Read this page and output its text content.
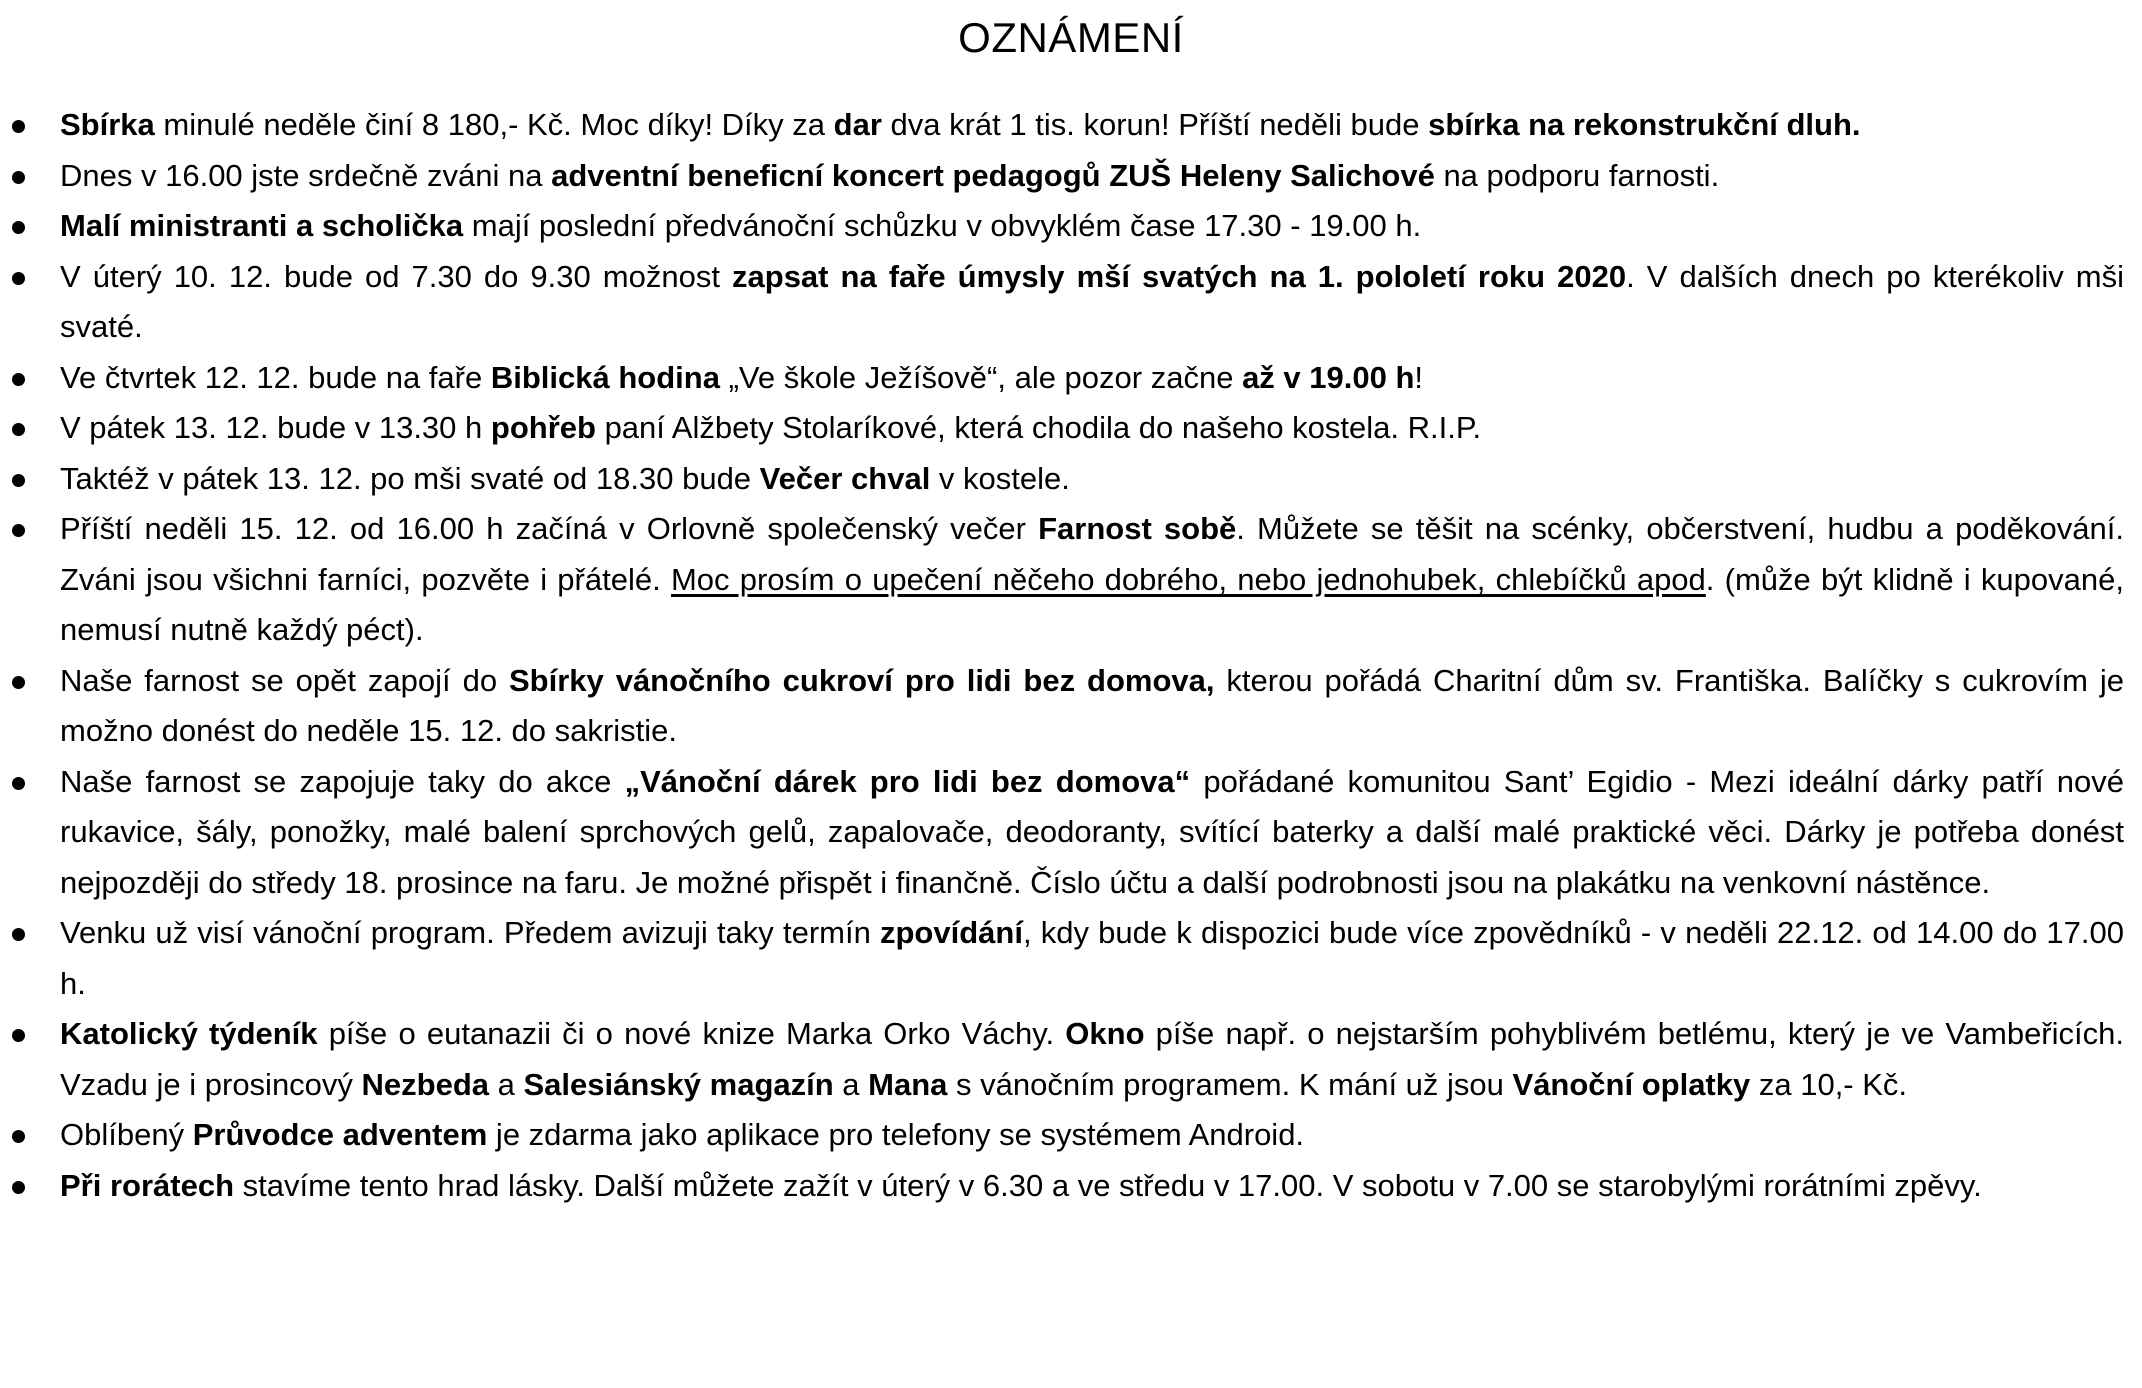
OZNÁMENÍ
Sbírka minulé neděle činí 8 180,- Kč. Moc díky! Díky za dar dva krát 1 tis. korun! Příští neděli bude sbírka na rekonstrukční dluh.
Dnes v 16.00 jste srdečně zváni na adventní beneficní koncert pedagogů ZUŠ Heleny Salichové na podporu farnosti.
Malí ministranti a scholička mají poslední předvánoční schůzku v obvyklém čase 17.30 - 19.00 h.
V úterý 10. 12. bude od 7.30 do 9.30 možnost zapsat na faře úmysly mší svatých na 1. pololetí roku 2020. V dalších dnech po kterékoliv mši svaté.
Ve čtvrtek 12. 12. bude na faře Biblická hodina „Ve škole Ježíšově“, ale pozor začne až v 19.00 h!
V pátek 13. 12. bude v 13.30 h pohřeb paní Alžbety Stolaríkové, která chodila do našeho kostela. R.I.P.
Taktéž v pátek 13. 12. po mši svaté od 18.30 bude Večer chval v kostele.
Příští neděli 15. 12. od 16.00 h začíná v Orlovně společenský večer Farnost sobě. Můžete se těšit na scénky, občerstvení, hudbu a poděkování. Zváni jsou všichni farníci, pozvěte i přátelé. Moc prosím o upečení něčeho dobrého, nebo jednohubek, chlebíčků apod. (může být klidně i kupované, nemusí nutně každý péct).
Naše farnost se opět zapojí do Sbírky vánočního cukroví pro lidi bez domova, kterou pořádá Charitní dům sv. Františka. Balíčky s cukrovím je možno donést do neděle 15. 12. do sakristie.
Naše farnost se zapojuje taky do akce „Vánoční dárek pro lidi bez domova“ pořádané komunitou Sant’ Egidio - Mezi ideální dárky patří nové rukavice, šály, ponožky, malé balení sprchových gelů, zapalovače, deodoranty, svítící baterky a další malé praktické věci. Dárky je potřeba donést nejpozději do středy 18. prosince na faru. Je možné přispět i finančně. Číslo účtu a další podrobnosti jsou na plakátku na venkovní nástěnce.
Venku už visí vánoční program. Předem avizuji taky termín zpovídání, kdy bude k dispozici bude více zpovědníků - v neděli 22.12. od 14.00 do 17.00 h.
Katolický týdeník píše o eutanazii či o nové knize Marka Orko Váchy. Okno píše např. o nejstarším pohyblivém betlému, který je ve Vambeřicích. Vzadu je i prosincový Nezbeda a Salesiánský magazín a Mana s vánočním programem. K mání už jsou Vánoční oplatky za 10,- Kč.
Oblíbený Průvodce adventem je zdarma jako aplikace pro telefony se systémem Android.
Při rorátech stavíme tento hrad lásky. Další můžete zažít v úterý v 6.30 a ve středu v 17.00. V sobotu v 7.00 se starobylými rorátními zpěvy.
